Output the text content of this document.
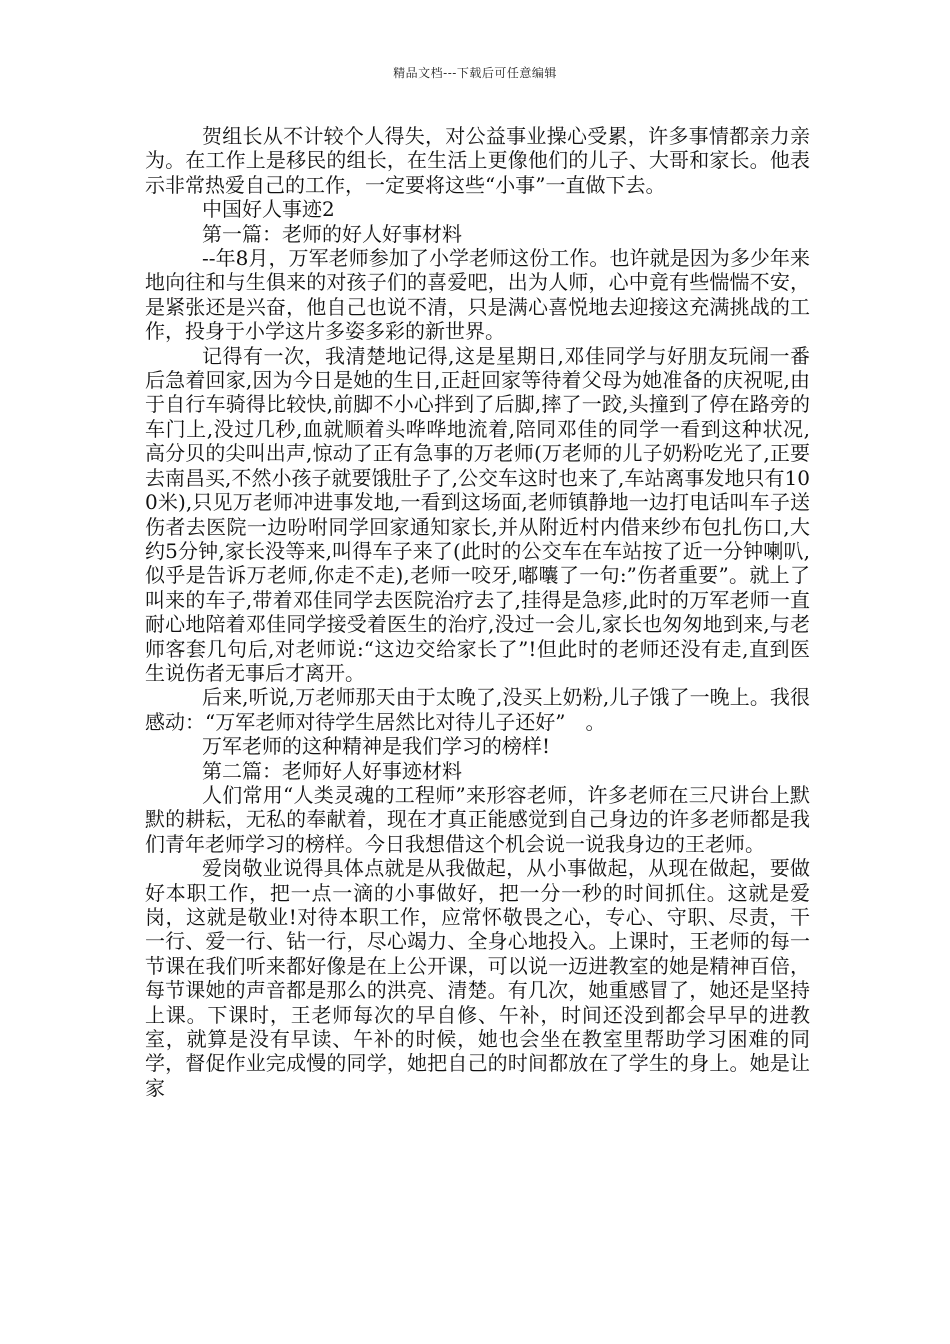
精品文档---下载后可任意编辑

贺组长从不计较个人得失，对公益事业操心受累，许多事情都亲力亲为。在工作上是移民的组长，在生活上更像他们的儿子、大哥和家长。他表示非常热爱自己的工作，一定要将这些“小事”一直做下去。

中国好人事迹2

第一篇：老师的好人好事材料

--年8月，万军老师参加了小学老师这份工作。也许就是因为多少年来地向往和与生俱来的对孩子们的喜爱吧，出为人师，心中竟有些惴惴不安，是紧张还是兴奋，他自己也说不清，只是满心喜悦地去迎接这充满挑战的工作，投身于小学这片多姿多彩的新世界。

记得有一次，我清楚地记得,这是星期日,邓佳同学与好朋友玩闹一番后急着回家,因为今日是她的生日,正赶回家等待着父母为她准备的庆祝呢,由于自行车骑得比较快,前脚不小心拌到了后脚,摔了一跤,头撞到了停在路旁的车门上,没过几秒,血就顺着头哗哗地流着,陪同邓佳的同学一看到这种状况,高分贝的尖叫出声,惊动了正有急事的万老师(万老师的儿子奶粉吃光了,正要去南昌买,不然小孩子就要饿肚子了,公交车这时也来了,车站离事发地只有100米),只见万老师冲进事发地,一看到这场面,老师镇静地一边打电话叫车子送伤者去医院一边吩咐同学回家通知家长,并从附近村内借来纱布包扎伤口,大约5分钟,家长没等来,叫得车子来了(此时的公交车在车站按了近一分钟喇叭,似乎是告诉万老师,你走不走),老师一咬牙,嘟囔了一句:”伤者重要”。就上了叫来的车子,带着邓佳同学去医院治疗去了,挂得是急疹,此时的万军老师一直耐心地陪着邓佳同学接受着医生的治疗,没过一会儿,家长也匆匆地到来,与老师客套几句后,对老师说:“这边交给家长了”!但此时的老师还没有走,直到医生说伤者无事后才离开。

后来,听说,万老师那天由于太晚了,没买上奶粉,儿子饿了一晚上。我很感动：“万军老师对待学生居然比对待儿子还好”　。

万军老师的这种精神是我们学习的榜样!

第二篇：老师好人好事迹材料

人们常用“人类灵魂的工程师”来形容老师，许多老师在三尺讲台上默默的耕耘，无私的奉献着，现在才真正能感觉到自己身边的许多老师都是我们青年老师学习的榜样。今日我想借这个机会说一说我身边的王老师。

爱岗敬业说得具体点就是从我做起，从小事做起，从现在做起，要做好本职工作，把一点一滴的小事做好，把一分一秒的时间抓住。这就是爱岗，这就是敬业!对待本职工作，应常怀敬畏之心，专心、守职、尽责，干一行、爱一行、钻一行，尽心竭力、全身心地投入。上课时，王老师的每一节课在我们听来都好像是在上公开课，可以说一迈进教室的她是精神百倍，每节课她的声音都是那么的洪亮、清楚。有几次，她重感冒了，她还是坚持上课。下课时，王老师每次的早自修、午补，时间还没到都会早早的进教室，就算是没有早读、午补的时候，她也会坐在教室里帮助学习困难的同学，督促作业完成慢的同学，她把自己的时间都放在了学生的身上。她是让家
